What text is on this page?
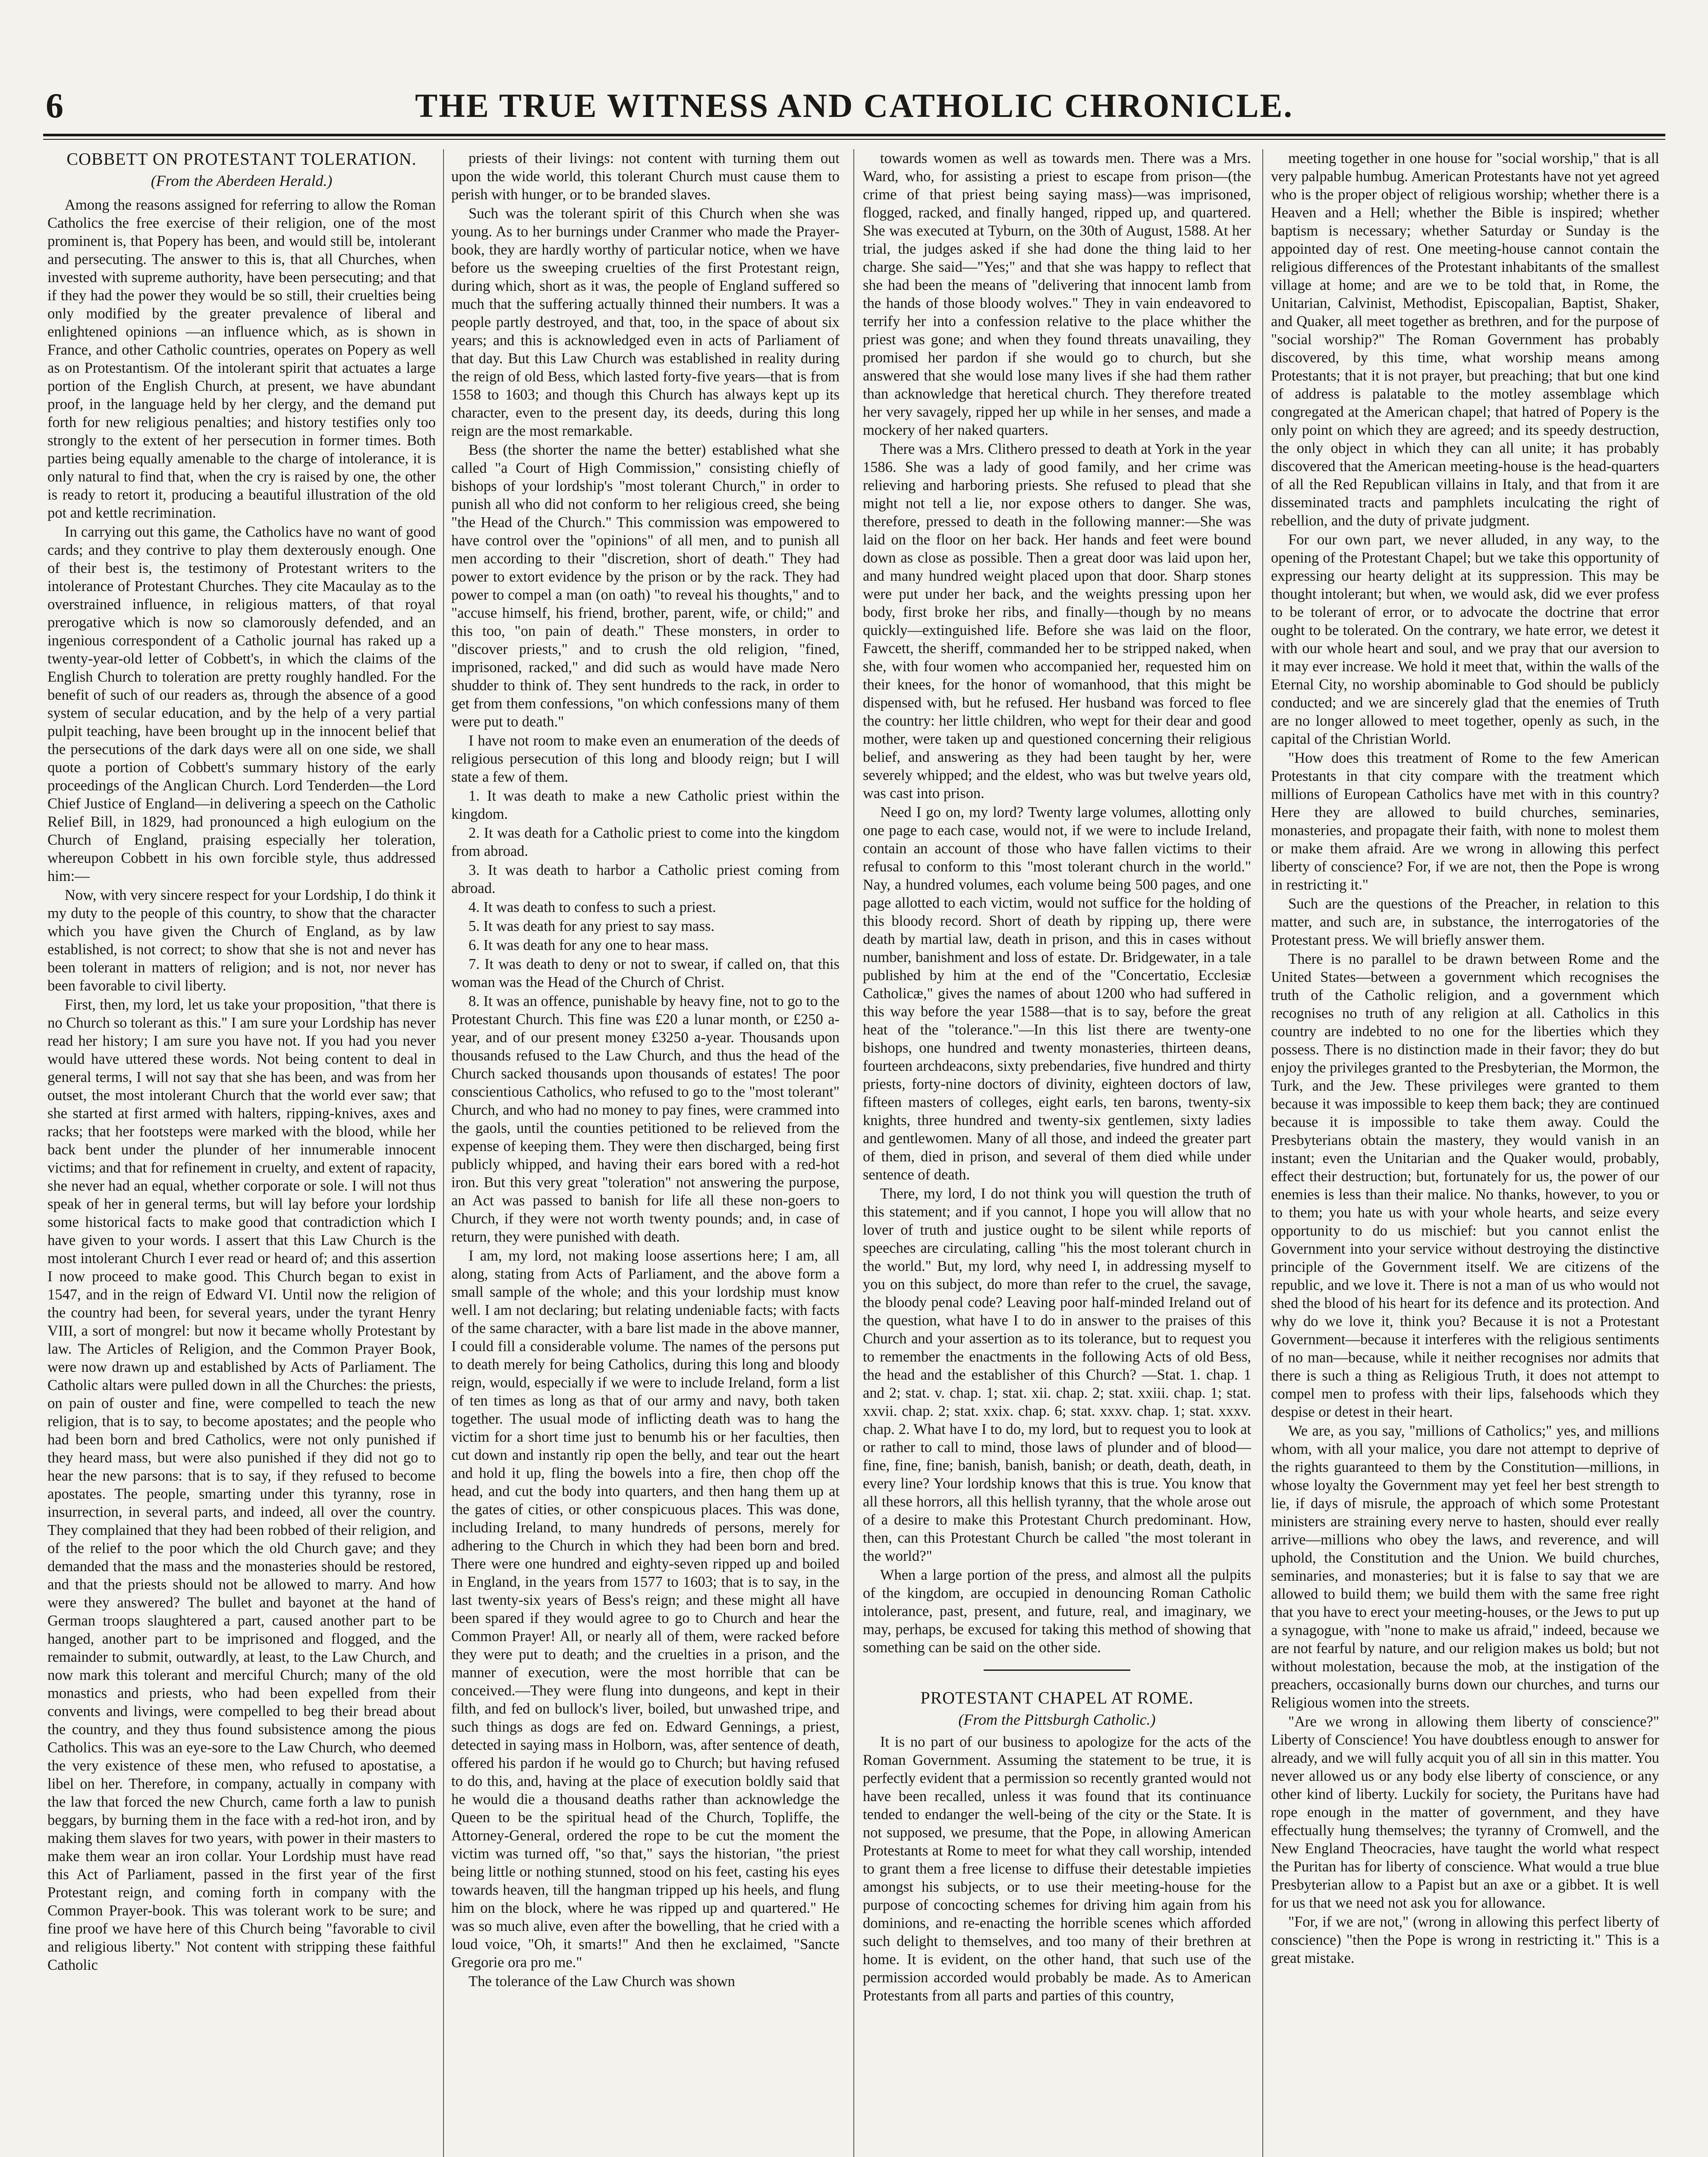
6	THE TRUE WITNESS AND CATHOLIC CHRONICLE.
COBBETT ON PROTESTANT TOLERATION.
(From the Aberdeen Herald.)

Among the reasons assigned for referring to allow the Roman Catholics the free exercise of their religion, one of the most prominent is, that Popery has been, and would still be, intolerant and persecuting. The answer to this is, that all Churches, when invested with supreme authority, have been persecuting; and that if they had the power they would be so still, their cruelties being only modified by the greater prevalence of liberal and enlightened opinions —an influence which, as is shown in France, and other Catholic countries, operates on Popery as well as on Protestantism. Of the intolerant spirit that actuates a large portion of the English Church, at present, we have abundant proof, in the language held by her clergy, and the demand put forth for new religious penalties; and history testifies only too strongly to the extent of her persecution in former times. Both parties being equally amenable to the charge of intolerance, it is only natural to find that, when the cry is raised by one, the other is ready to retort it, producing a beautiful illustration of the old pot and kettle recrimination.

In carrying out this game, the Catholics have no want of good cards; and they contrive to play them dexterously enough. One of their best is, the testimony of Protestant writers to the intolerance of Protestant Churches. They cite Macaulay as to the overstrained influence, in religious matters, of that royal prerogative which is now so clamorously defended, and an ingenious correspondent of a Catholic journal has raked up a twenty-year-old letter of Cobbett's, in which the claims of the English Church to toleration are pretty roughly handled. For the benefit of such of our readers as, through the absence of a good system of secular education, and by the help of a very partial pulpit teaching, have been brought up in the innocent belief that the persecutions of the dark days were all on one side, we shall quote a portion of Cobbett's summary history of the early proceedings of the Anglican Church. Lord Tenderden—the Lord Chief Justice of England—in delivering a speech on the Catholic Relief Bill, in 1829, had pronounced a high eulogium on the Church of England, praising especially her toleration, whereupon Cobbett in his own forcible style, thus addressed him:—

Now, with very sincere respect for your Lordship, I do think it my duty to the people of this country, to show that the character which you have given the Church of England, as by law established, is not correct; to show that she is not and never has been tolerant in matters of religion; and is not, nor never has been favorable to civil liberty.

First, then, my lord, let us take your proposition, "that there is no Church so tolerant as this." I am sure your Lordship has never read her history; I am sure you have not. If you had you never would have uttered these words. Not being content to deal in general terms, I will not say that she has been, and was from her outset, the most intolerant Church that the world ever saw; that she started at first armed with halters, ripping-knives, axes and racks; that her footsteps were marked with the blood, while her back bent under the plunder of her innumerable innocent victims; and that for refinement in cruelty, and extent of rapacity, she never had an equal, whether corporate or sole. I will not thus speak of her in general terms, but will lay before your lordship some historical facts to make good that contradiction which I have given to your words. I assert that this Law Church is the most intolerant Church I ever read or heard of; and this assertion I now proceed to make good. This Church began to exist in 1547, and in the reign of Edward VI. Until now the religion of the country had been, for several years, under the tyrant Henry VIII, a sort of mongrel: but now it became wholly Protestant by law. The Articles of Religion, and the Common Prayer Book, were now drawn up and established by Acts of Parliament. The Catholic altars were pulled down in all the Churches: the priests, on pain of ouster and fine, were compelled to teach the new religion, that is to say, to become apostates; and the people who had been born and bred Catholics, were not only punished if they heard mass, but were also punished if they did not go to hear the new parsons: that is to say, if they refused to become apostates. The people, smarting under this tyranny, rose in insurrection, in several parts, and indeed, all over the country. They complained that they had been robbed of their religion, and of the relief to the poor which the old Church gave; and they demanded that the mass and the monasteries should be restored, and that the priests should not be allowed to marry. And how were they answered? The bullet and bayonet at the hand of German troops slaughtered a part, caused another part to be hanged, another part to be imprisoned and flogged, and the remainder to submit, outwardly, at least, to the Law Church, and now mark this tolerant and merciful Church; many of the old monastics and priests, who had been expelled from their convents and livings, were compelled to beg their bread about the country, and they thus found subsistence among the pious Catholics. This was an eye-sore to the Law Church, who deemed the very existence of these men, who refused to apostatise, a libel on her. Therefore, in company, actually in company with the law that forced the new Church, came forth a law to punish beggars, by burning them in the face with a red-hot iron, and by making them slaves for two years, with power in their masters to make them wear an iron collar. Your Lordship must have read this Act of Parliament, passed in the first year of the first Protestant reign, and coming forth in company with the Common Prayer-book. This was tolerant work to be sure; and fine proof we have here of this Church being "favorable to civil and religious liberty." Not content with stripping these faithful Catholic

priests of their livings: not content with turning them out upon the wide world, this tolerant Church must cause them to perish with hunger, or to be branded slaves.

Such was the tolerant spirit of this Church when she was young. As to her burnings under Cranmer who made the Prayer-book, they are hardly worthy of particular notice, when we have before us the sweeping cruelties of the first Protestant reign, during which, short as it was, the people of England suffered so much that the suffering actually thinned their numbers. It was a people partly destroyed, and that, too, in the space of about six years; and this is acknowledged even in acts of Parliament of that day. But this Law Church was established in reality during the reign of old Bess, which lasted forty-five years—that is from 1558 to 1603; and though this Church has always kept up its character, even to the present day, its deeds, during this long reign are the most remarkable.

Bess (the shorter the name the better) established what she called "a Court of High Commission," consisting chiefly of bishops of your lordship's "most tolerant Church," in order to punish all who did not conform to her religious creed, she being "the Head of the Church." This commission was empowered to have control over the "opinions" of all men, and to punish all men according to their "discretion, short of death." They had power to extort evidence by the prison or by the rack. They had power to compel a man (on oath) "to reveal his thoughts," and to "accuse himself, his friend, brother, parent, wife, or child;" and this too, "on pain of death." These monsters, in order to "discover priests," and to crush the old religion, "fined, imprisoned, racked," and did such as would have made Nero shudder to think of. They sent hundreds to the rack, in order to get from them confessions, "on which confessions many of them were put to death."

I have not room to make even an enumeration of the deeds of religious persecution of this long and bloody reign; but I will state a few of them.

1. It was death to make a new Catholic priest within the kingdom.

2. It was death for a Catholic priest to come into the kingdom from abroad.

3. It was death to harbor a Catholic priest coming from abroad.

4. It was death to confess to such a priest.

5. It was death for any priest to say mass.

6. It was death for any one to hear mass.

7. It was death to deny or not to swear, if called on, that this woman was the Head of the Church of Christ.

8. It was an offence, punishable by heavy fine, not to go to the Protestant Church. This fine was £20 a lunar month, or £250 a-year, and of our present money £3250 a-year. Thousands upon thousands refused to the Law Church, and thus the head of the Church sacked thousands upon thousands of estates! The poor conscientious Catholics, who refused to go to the "most tolerant" Church, and who had no money to pay fines, were crammed into the gaols, until the counties petitioned to be relieved from the expense of keeping them. They were then discharged, being first publicly whipped, and having their ears bored with a red-hot iron. But this very great "toleration" not answering the purpose, an Act was passed to banish for life all these non-goers to Church, if they were not worth twenty pounds; and, in case of return, they were punished with death.

I am, my lord, not making loose assertions here; I am, all along, stating from Acts of Parliament, and the above form a small sample of the whole; and this your lordship must know well. I am not declaring; but relating undeniable facts; with facts of the same character, with a bare list made in the above manner, I could fill a considerable volume. The names of the persons put to death merely for being Catholics, during this long and bloody reign, would, especially if we were to include Ireland, form a list of ten times as long as that of our army and navy, both taken together. The usual mode of inflicting death was to hang the victim for a short time just to benumb his or her faculties, then cut down and instantly rip open the belly, and tear out the heart and hold it up, fling the bowels into a fire, then chop off the head, and cut the body into quarters, and then hang them up at the gates of cities, or other conspicuous places. This was done, including Ireland, to many hundreds of persons, merely for adhering to the Church in which they had been born and bred. There were one hundred and eighty-seven ripped up and boiled in England, in the years from 1577 to 1603; that is to say, in the last twenty-six years of Bess's reign; and these might all have been spared if they would agree to go to Church and hear the Common Prayer! All, or nearly all of them, were racked before they were put to death; and the cruelties in a prison, and the manner of execution, were the most horrible that can be conceived.—They were flung into dungeons, and kept in their filth, and fed on bullock's liver, boiled, but unwashed tripe, and such things as dogs are fed on. Edward Gennings, a priest, detected in saying mass in Holborn, was, after sentence of death, offered his pardon if he would go to Church; but having refused to do this, and, having at the place of execution boldly said that he would die a thousand deaths rather than acknowledge the Queen to be the spiritual head of the Church, Topliffe, the Attorney-General, ordered the rope to be cut the moment the victim was turned off, "so that," says the historian, "the priest being little or nothing stunned, stood on his feet, casting his eyes towards heaven, till the hangman tripped up his heels, and flung him on the block, where he was ripped up and quartered." He was so much alive, even after the bowelling, that he cried with a loud voice, "Oh, it smarts!" And then he exclaimed, "Sancte Gregorie ora pro me."

The tolerance of the Law Church was shown

towards women as well as towards men. There was a Mrs. Ward, who, for assisting a priest to escape from prison—(the crime of that priest being saying mass)—was imprisoned, flogged, racked, and finally hanged, ripped up, and quartered. She was executed at Tyburn, on the 30th of August, 1588. At her trial, the judges asked if she had done the thing laid to her charge. She said—"Yes;" and that she was happy to reflect that she had been the means of "delivering that innocent lamb from the hands of those bloody wolves." They in vain endeavored to terrify her into a confession relative to the place whither the priest was gone; and when they found threats unavailing, they promised her pardon if she would go to church, but she answered that she would lose many lives if she had them rather than acknowledge that heretical church. They therefore treated her very savagely, ripped her up while in her senses, and made a mockery of her naked quarters.

There was a Mrs. Clithero pressed to death at York in the year 1586. She was a lady of good family, and her crime was relieving and harboring priests. She refused to plead that she might not tell a lie, nor expose others to danger. She was, therefore, pressed to death in the following manner:—She was laid on the floor on her back. Her hands and feet were bound down as close as possible. Then a great door was laid upon her, and many hundred weight placed upon that door. Sharp stones were put under her back, and the weights pressing upon her body, first broke her ribs, and finally—though by no means quickly—extinguished life. Before she was laid on the floor, Fawcett, the sheriff, commanded her to be stripped naked, when she, with four women who accompanied her, requested him on their knees, for the honor of womanhood, that this might be dispensed with, but he refused. Her husband was forced to flee the country: her little children, who wept for their dear and good mother, were taken up and questioned concerning their religious belief, and answering as they had been taught by her, were severely whipped; and the eldest, who was but twelve years old, was cast into prison.

Need I go on, my lord? Twenty large volumes, allotting only one page to each case, would not, if we were to include Ireland, contain an account of those who have fallen victims to their refusal to conform to this "most tolerant church in the world." Nay, a hundred volumes, each volume being 500 pages, and one page allotted to each victim, would not suffice for the holding of this bloody record. Short of death by ripping up, there were death by martial law, death in prison, and this in cases without number, banishment and loss of estate. Dr. Bridgewater, in a tale published by him at the end of the "Concertatio, Ecclesiæ Catholicæ," gives the names of about 1200 who had suffered in this way before the year 1588—that is to say, before the great heat of the "tolerance."—In this list there are twenty-one bishops, one hundred and twenty monasteries, thirteen deans, fourteen archdeacons, sixty prebendaries, five hundred and thirty priests, forty-nine doctors of divinity, eighteen doctors of law, fifteen masters of colleges, eight earls, ten barons, twenty-six knights, three hundred and twenty-six gentlemen, sixty ladies and gentlewomen. Many of all those, and indeed the greater part of them, died in prison, and several of them died while under sentence of death.

There, my lord, I do not think you will question the truth of this statement; and if you cannot, I hope you will allow that no lover of truth and justice ought to be silent while reports of speeches are circulating, calling "his the most tolerant church in the world." But, my lord, why need I, in addressing myself to you on this subject, do more than refer to the cruel, the savage, the bloody penal code? Leaving poor half-minded Ireland out of the question, what have I to do in answer to the praises of this Church and your assertion as to its tolerance, but to request you to remember the enactments in the following Acts of old Bess, the head and the establisher of this Church? —Stat. 1. chap. 1 and 2; stat. v. chap. 1; stat. xii. chap. 2; stat. xxiii. chap. 1; stat. xxvii. chap. 2; stat. xxix. chap. 6; stat. xxxv. chap. 1; stat. xxxv. chap. 2. What have I to do, my lord, but to request you to look at or rather to call to mind, those laws of plunder and of blood—fine, fine, fine; banish, banish, banish; or death, death, death, in every line? Your lordship knows that this is true. You know that all these horrors, all this hellish tyranny, that the whole arose out of a desire to make this Protestant Church predominant. How, then, can this Protestant Church be called "the most tolerant in the world?"

When a large portion of the press, and almost all the pulpits of the kingdom, are occupied in denouncing Roman Catholic intolerance, past, present, and future, real, and imaginary, we may, perhaps, be excused for taking this method of showing that something can be said on the other side.

PROTESTANT CHAPEL AT ROME.
(From the Pittsburgh Catholic.)

It is no part of our business to apologize for the acts of the Roman Government. Assuming the statement to be true, it is perfectly evident that a permission so recently granted would not have been recalled, unless it was found that its continuance tended to endanger the well-being of the city or the State. It is not supposed, we presume, that the Pope, in allowing American Protestants at Rome to meet for what they call worship, intended to grant them a free license to diffuse their detestable impieties amongst his subjects, or to use their meeting-house for the purpose of concocting schemes for driving him again from his dominions, and re-enacting the horrible scenes which afforded such delight to themselves, and too many of their brethren at home. It is evident, on the other hand, that such use of the permission accorded would probably be made. As to American Protestants from all parts and parties of this country,

meeting together in one house for "social worship," that is all very palpable humbug. American Protestants have not yet agreed who is the proper object of religious worship; whether there is a Heaven and a Hell; whether the Bible is inspired; whether baptism is necessary; whether Saturday or Sunday is the appointed day of rest. One meeting-house cannot contain the religious differences of the Protestant inhabitants of the smallest village at home; and are we to be told that, in Rome, the Unitarian, Calvinist, Methodist, Episcopalian, Baptist, Shaker, and Quaker, all meet together as brethren, and for the purpose of "social worship?" The Roman Government has probably discovered, by this time, what worship means among Protestants; that it is not prayer, but preaching; that but one kind of address is palatable to the motley assemblage which congregated at the American chapel; that hatred of Popery is the only point on which they are agreed; and its speedy destruction, the only object in which they can all unite; it has probably discovered that the American meeting-house is the head-quarters of all the Red Republican villains in Italy, and that from it are disseminated tracts and pamphlets inculcating the right of rebellion, and the duty of private judgment.

For our own part, we never alluded, in any way, to the opening of the Protestant Chapel; but we take this opportunity of expressing our hearty delight at its suppression. This may be thought intolerant; but when, we would ask, did we ever profess to be tolerant of error, or to advocate the doctrine that error ought to be tolerated. On the contrary, we hate error, we detest it with our whole heart and soul, and we pray that our aversion to it may ever increase. We hold it meet that, within the walls of the Eternal City, no worship abominable to God should be publicly conducted; and we are sincerely glad that the enemies of Truth are no longer allowed to meet together, openly as such, in the capital of the Christian World.

"How does this treatment of Rome to the few American Protestants in that city compare with the treatment which millions of European Catholics have met with in this country? Here they are allowed to build churches, seminaries, monasteries, and propagate their faith, with none to molest them or make them afraid. Are we wrong in allowing this perfect liberty of conscience? For, if we are not, then the Pope is wrong in restricting it."

Such are the questions of the Preacher, in relation to this matter, and such are, in substance, the interrogatories of the Protestant press. We will briefly answer them.

There is no parallel to be drawn between Rome and the United States—between a government which recognises the truth of the Catholic religion, and a government which recognises no truth of any religion at all. Catholics in this country are indebted to no one for the liberties which they possess. There is no distinction made in their favor; they do but enjoy the privileges granted to the Presbyterian, the Mormon, the Turk, and the Jew. These privileges were granted to them because it was impossible to keep them back; they are continued because it is impossible to take them away. Could the Presbyterians obtain the mastery, they would vanish in an instant; even the Unitarian and the Quaker would, probably, effect their destruction; but, fortunately for us, the power of our enemies is less than their malice. No thanks, however, to you or to them; you hate us with your whole hearts, and seize every opportunity to do us mischief: but you cannot enlist the Government into your service without destroying the distinctive principle of the Government itself. We are citizens of the republic, and we love it. There is not a man of us who would not shed the blood of his heart for its defence and its protection. And why do we love it, think you? Because it is not a Protestant Government—because it interferes with the religious sentiments of no man—because, while it neither recognises nor admits that there is such a thing as Religious Truth, it does not attempt to compel men to profess with their lips, falsehoods which they despise or detest in their heart.

We are, as you say, "millions of Catholics;" yes, and millions whom, with all your malice, you dare not attempt to deprive of the rights guaranteed to them by the Constitution—millions, in whose loyalty the Government may yet feel her best strength to lie, if days of misrule, the approach of which some Protestant ministers are straining every nerve to hasten, should ever really arrive—millions who obey the laws, and reverence, and will uphold, the Constitution and the Union. We build churches, seminaries, and monasteries; but it is false to say that we are allowed to build them; we build them with the same free right that you have to erect your meeting-houses, or the Jews to put up a synagogue, with "none to make us afraid," indeed, because we are not fearful by nature, and our religion makes us bold; but not without molestation, because the mob, at the instigation of the preachers, occasionally burns down our churches, and turns our Religious women into the streets.

"Are we wrong in allowing them liberty of conscience?" Liberty of Conscience! You have doubtless enough to answer for already, and we will fully acquit you of all sin in this matter. You never allowed us or any body else liberty of conscience, or any other kind of liberty. Luckily for society, the Puritans have had rope enough in the matter of government, and they have effectually hung themselves; the tyranny of Cromwell, and the New England Theocracies, have taught the world what respect the Puritan has for liberty of conscience. What would a true blue Presbyterian allow to a Papist but an axe or a gibbet. It is well for us that we need not ask you for allowance.

"For, if we are not," (wrong in allowing this perfect liberty of conscience) "then the Pope is wrong in restricting it." This is a great mistake.
